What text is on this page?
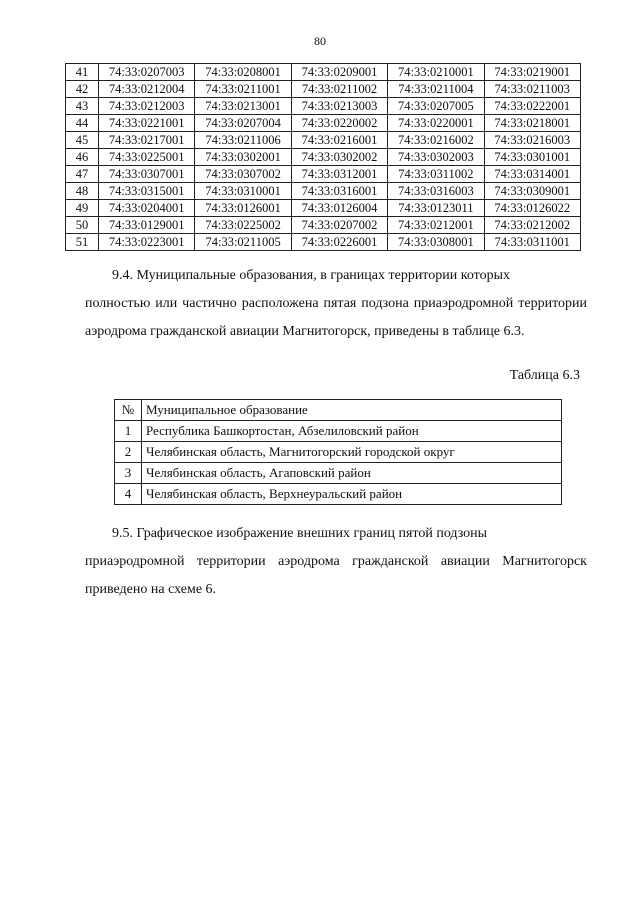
80
41	74:33:0207003	74:33:0208001	74:33:0209001	74:33:0210001	74:33:0219001
42	74:33:0212004	74:33:0211001	74:33:0211002	74:33:0211004	74:33:0211003
43	74:33:0212003	74:33:0213001	74:33:0213003	74:33:0207005	74:33:0222001
44	74:33:0221001	74:33:0207004	74:33:0220002	74:33:0220001	74:33:0218001
45	74:33:0217001	74:33:0211006	74:33:0216001	74:33:0216002	74:33:0216003
46	74:33:0225001	74:33:0302001	74:33:0302002	74:33:0302003	74:33:0301001
47	74:33:0307001	74:33:0307002	74:33:0312001	74:33:0311002	74:33:0314001
48	74:33:0315001	74:33:0310001	74:33:0316001	74:33:0316003	74:33:0309001
49	74:33:0204001	74:33:0126001	74:33:0126004	74:33:0123011	74:33:0126022
50	74:33:0129001	74:33:0225002	74:33:0207002	74:33:0212001	74:33:0212002
51	74:33:0223001	74:33:0211005	74:33:0226001	74:33:0308001	74:33:0311001
9.4. Муниципальные образования, в границах территории которых
полностью или частично расположена пятая подзона приаэродромной территории аэродрома гражданской авиации Магнитогорск, приведены в таблице 6.3.
Таблица 6.3
№	Муниципальное образование
1	Республика Башкортостан, Абзелиловский район
2	Челябинская область, Магнитогорский городской округ
3	Челябинская область, Агаповский район
4	Челябинская область, Верхнеуральский район
9.5. Графическое изображение внешних границ пятой подзоны
приаэродромной территории аэродрома гражданской авиации Магнитогорск приведено на схеме 6.
